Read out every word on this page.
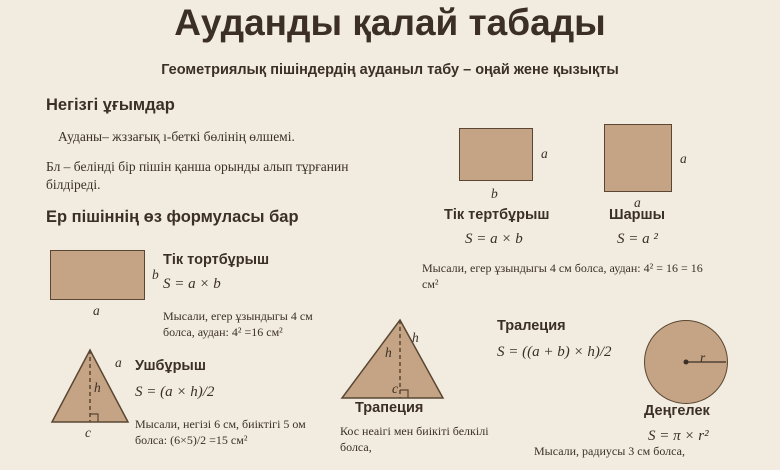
Ауданды қалай табады
Геометриялық пішіндердің ауданыл табу – оңай жене қызықты
Негізгі ұғымдар
Ауданы– жззағық ı-беткі бөлінің өлшемі.
Бл – белінді бір пішін қанша орынды алып тұрғанин білдіреді.
Ер пішіннің өз формуласы бар
a
b
Тік тертбұрыш
S = a × b
a
a
Шаршы
S = a ²
Мысали, егер ұзындыгы 4 см болса, аудан: 4² = 16 = 16 см²
b
a
Тік тортбұрыш
S = a × b
Мысали, егер ұзындыгы 4 см болса, аудан: 4² =16 см²
h
a
c
Ушбұрыш
S = (a × h)/2
Мысали, негізі 6 см, биіктігі 5 ом болса: (6×5)/2 =15 см²
h
h
c
Трапеция
Кос неаігі мен биікіті белкілі болса,
Тралеция
S = ((a + b) × h)/2	r
Деңгелек
S = π × r²
Мысали, радиусы 3 см болса,
